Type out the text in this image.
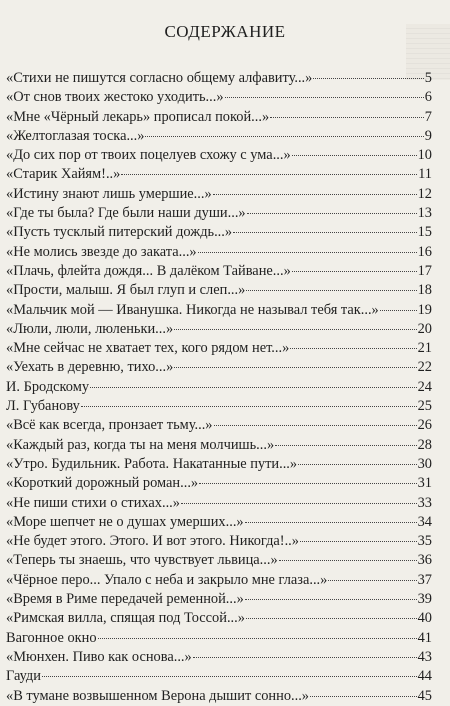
СОДЕРЖАНИЕ
«Стихи не пишутся согласно общему алфавиту...»	5
«От снов твоих жестоко уходить...»	6
«Мне «Чёрный лекарь» прописал покой...»	7
«Желтоглазая тоска...»	9
«До сих пор от твоих поцелуев схожу с ума...»	10
«Старик Хайям!..»	11
«Истину знают лишь умершие...»	12
«Где ты была? Где были наши души...»	13
«Пусть тусклый питерский дождь...»	15
«Не молись звезде до заката...»	16
«Плачь, флейта дождя... В далёком Тайване...»	17
«Прости, малыш. Я был глуп и слеп...»	18
«Мальчик мой — Иванушка. Никогда не называл тебя так...»	19
«Люли, люли, люленьки...»	20
«Мне сейчас не хватает тех, кого рядом нет...»	21
«Уехать в деревню, тихо...»	22
И. Бродскому	24
Л. Губанову	25
«Всё как всегда, пронзает тьму...»	26
«Каждый раз, когда ты на меня молчишь...»	28
«Утро. Будильник. Работа. Накатанные пути...»	30
«Короткий дорожный роман...»	31
«Не пиши стихи о стихах...»	33
«Море шепчет не о душах умерших...»	34
«Не будет этого. Этого. И вот этого. Никогда!..»	35
«Теперь ты знаешь, что чувствует львица...»	36
«Чёрное перо... Упало с неба и закрыло мне глаза...»	37
«Время в Риме передачей ременной...»	39
«Римская вилла, спящая под Тоссой...»	40
Вагонное окно	41
«Мюнхен. Пиво как основа...»	43
Гауди	44
«В тумане возвышенном Верона дышит сонно...»	45
